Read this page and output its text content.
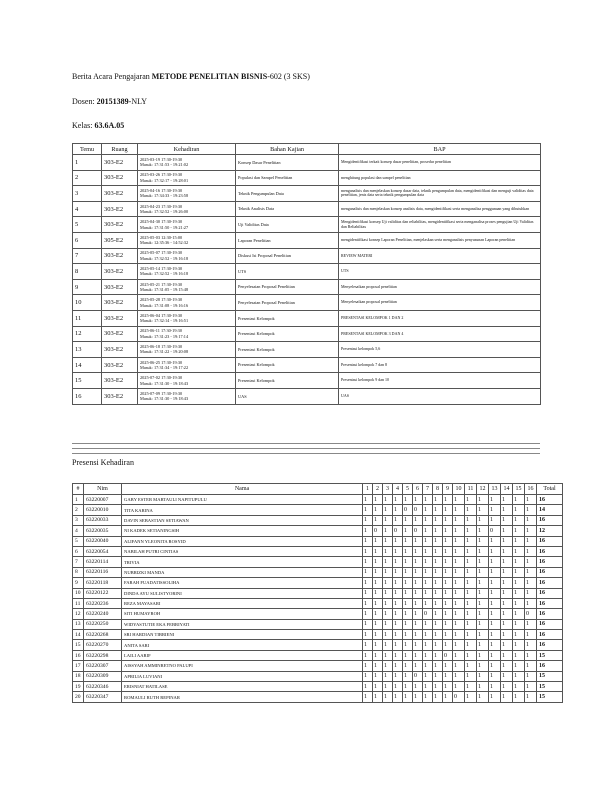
Berita Acara Pengajaran METODE PENELITIAN BISNIS-602 (3 SKS)
Dosen: 20151389-NLY
Kelas: 63.6A.05
Temu	Ruang	Kehadiran	Bahan Kajian	BAP
1	303-E2	2025-03-19 17:30-19:30
Masuk: 17:31:53 - 19:21:02	Konsep Dasar Penelitian	Mengidentifikasi terkait konsep dasar penelitian, prosedur penelitian
2	303-E2	2025-03-26 17:30-19:30
Masuk: 17:32:17 - 19:28:01	Populasi dan Sampel Penelitian	menghitung populasi dan sampel penelitian
3	303-E2	2025-04-16 17:30-19:30
Masuk: 17:34:33 - 19:23:58	Teknik Pengumpulan Data	menganalisis dan menjelaskan konsep dasar data, teknik pengumpulan data, mengidentifikasi dan menguji validitas data penelitian, jenis data serta teknik pengumpulan data
4	303-E2	2025-04-23 17:30-19:30
Masuk: 17:32:52 - 19:26:00	Teknik Analisis Data	menganalisis dan menjelaskan konsep analisis data, mengidentifikasi serta menganalisa penggunaan yang dibutuhkan
5	303-E2	2025-04-30 17:30-19:30
Masuk: 17:31:50 - 19:21:27	Uji Validitas Data	Mengidentifikasi konsep Uji validitas dan reliabilitas, mengidentifikasi serta menganalisa proses pengujian Uji Validitas dan Reliabilitas
6	305-E2	2025-05-03 12:30-15:00
Masuk: 12:35:36 - 14:52:32	Laporan Penelitian	mengidentifikasi konsep Laporan Penelitian, menjelaskan serta menganalisis penyusunan Laporan penelitian
7	303-E2	2025-05-07 17:30-19:30
Masuk: 17:32:52 - 19:16:18	Diskusi Isi Proposal Penelitian	REVIEW MATERI
8	303-E2	2025-05-14 17:30-19:30
Masuk: 17:32:52 - 19:16:18	UTS	UTS
9	303-E2	2025-05-21 17:30-19:30
Masuk: 17:31:05 - 19:15:48	Penyelesaian Proposal Penelitian	Menyelesaikan proposal penelitian
10	303-E2	2025-05-28 17:30-19:30
Masuk: 17:31:08 - 19:16:16	Penyelesaian Proposal Penelitian	Menyelesaikan proposal penelitian
11	303-E2	2025-06-04 17:30-19:30
Masuk: 17:32:14 - 19:16:51	Presentasi Kelompok	PRESENTASI KELOMPOK 1 DAN 2
12	303-E2	2025-06-11 17:30-19:30
Masuk: 17:31:23 - 19:17:14	Presentasi Kelompok	PRESENTASI KELOMPOK 3 DAN 4
13	303-E2	2025-06-18 17:30-19:30
Masuk: 17:31:22 - 19:20:08	Presentasi Kelompok	Presentasi kelompok 5,6
14	303-E2	2025-06-25 17:30-19:30
Masuk: 17:31:34 - 19:17:22	Presentasi Kelompok	Presentasi kelompok 7 dan 8
15	303-E2	2025-07-02 17:30-19:30
Masuk: 17:31:30 - 19:18:43	Presentasi Kelompok	Presentasi kelompok 9 dan 10
16	303-E2	2025-07-09 17:30-19:30
Masuk: 17:31:30 - 19:18:43	UAS	UAS
Presensi Kehadiran
#	Nim	Nama	1	2	3	4	5	6	7	8	9	10	11	12	13	14	15	16	Total
1	63220007	GABY ESTER MARTAULI NAPITUPULU	1	1	1	1	1	1	1	1	1	1	1	1	1	1	1	1	16
2	63220010	TITA KARINA	1	1	1	1	0	0	1	1	1	1	1	1	1	1	1	1	14
3	63220033	DAVIN SEBASTIAN SETIAWAN	1	1	1	1	1	1	1	1	1	1	1	1	1	1	1	1	16
4	63220035	NI KADEK SETIANINGSIH	1	0	1	0	1	0	1	1	1	1	1	1	0	1	1	1	12
5	63220040	ALIFANN YLEONITA ROSYID	1	1	1	1	1	1	1	1	1	1	1	1	1	1	1	1	16
6	63220054	NABILAH PUTRI CINTIAS	1	1	1	1	1	1	1	1	1	1	1	1	1	1	1	1	16
7	63220114	TRIVIA	1	1	1	1	1	1	1	1	1	1	1	1	1	1	1	1	16
8	63220116	NUBRIZKI MANDA	1	1	1	1	1	1	1	1	1	1	1	1	1	1	1	1	16
9	63220118	FARAH FUADATISSOLIHA	1	1	1	1	1	1	1	1	1	1	1	1	1	1	1	1	16
10	63220122	DINDA AYU SULISTYORINI	1	1	1	1	1	1	1	1	1	1	1	1	1	1	1	1	16
11	63220236	REZA MAYASARI	1	1	1	1	1	1	1	1	1	1	1	1	1	1	1	1	16
12	63220240	SITI HUMAYROH	1	1	1	1	1	1	0	1	1	1	1	1	1	1	1	0	16
13	63220250	WIDYASTUTIE EKA FEBRIYATI	1	1	1	1	1	1	1	1	1	1	1	1	1	1	1	1	16
14	63220268	SRI HARDIAN TIBRIENI	1	1	1	1	1	1	1	1	1	1	1	1	1	1	1	1	16
15	63220270	ANITA SARI	1	1	1	1	1	1	1	1	1	1	1	1	1	1	1	1	16
16	63220298	LAILI AARIF	1	1	1	1	1	1	1	1	0	1	1	1	1	1	1	1	15
17	63220307	AISSYAH AMMINRETNO PALUPI	1	1	1	1	1	1	1	1	1	1	1	1	1	1	1	1	16
18	63220309	APRILIA LUVIANI	1	1	1	1	1	0	1	1	1	1	1	1	1	1	1	1	15
19	63220346	ERISNIAT HATILASE	1	1	1	1	1	1	1	1	1	1	1	1	1	1	1	1	15
20	63220347	ROMAULI RUTH REPINAR	1	1	1	1	1	1	1	1	1	0	1	1	1	1	1	1	15
